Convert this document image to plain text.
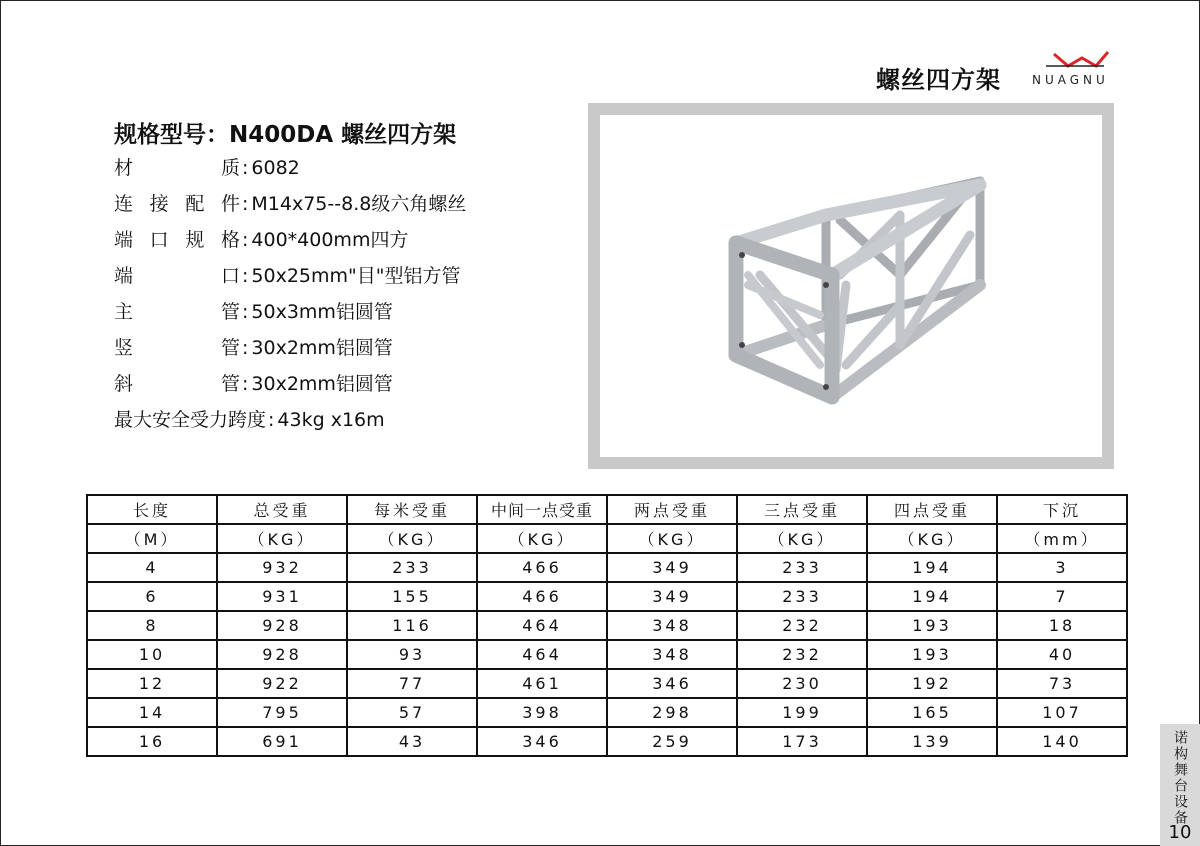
螺丝四方架	NUAGNU
规格型号：N400DA 螺丝四方架
材	质 : 6082
连 接 配 件 : M14x75--8.8级六角螺丝
端 口 规 格 : 400*400mm四方
端	口 : 50x25mm"目"型铝方管
主	管 : 50x3mm铝圆管
竖	管 : 30x2mm铝圆管
斜	管 : 30x2mm铝圆管
最大安全受力跨度 : 43kg x16m
长度	总受重	每米受重	中间一点受重	两点受重	三点受重	四点受重	下沉
（M）	（KG）	（KG）	（KG）	（KG）	（KG）	（KG）	（mm）
4	932	233	466	349	233	194	3
6	931	155	466	349	233	194	7
8	928	116	464	348	232	193	18
10	928	93	464	348	232	193	40
12	922	77	461	346	230	192	73
14	795	57	398	298	199	165	107
16	691	43	346	259	173	139	140	诺构舞台设备
10
